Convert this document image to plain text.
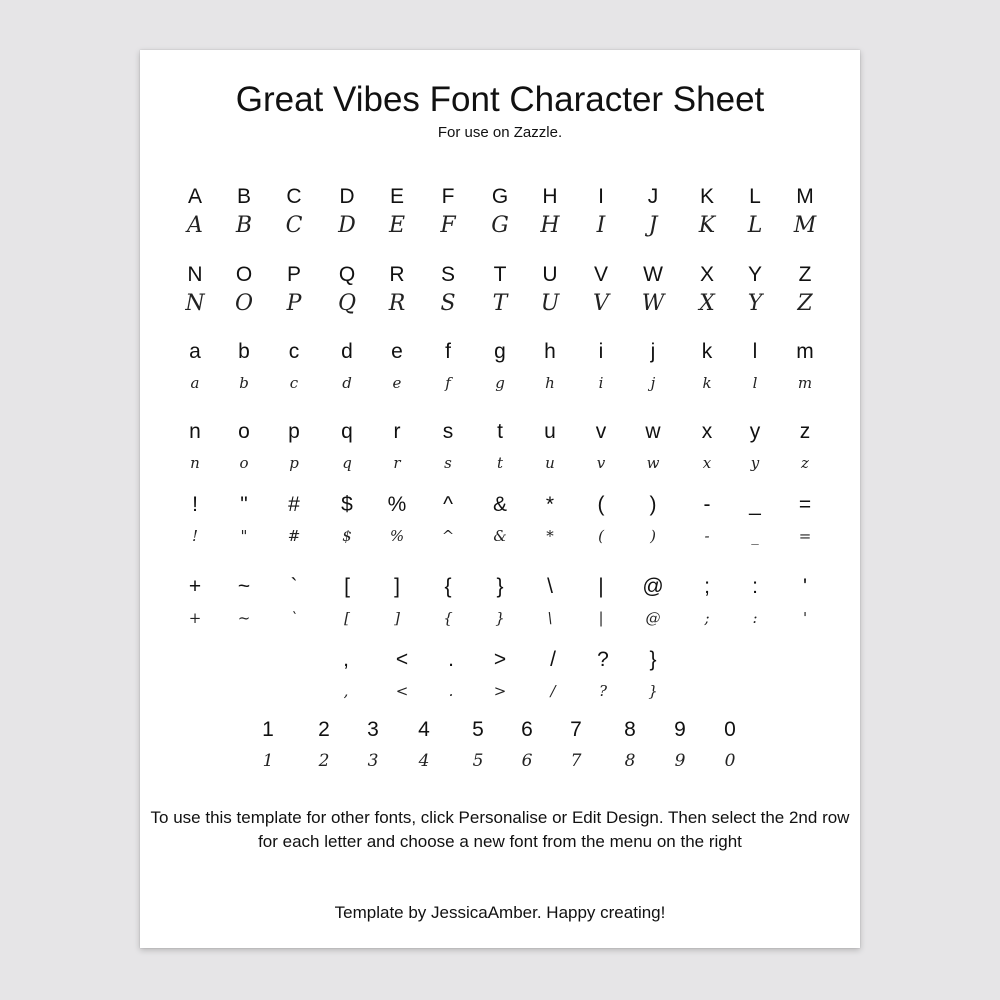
Great Vibes Font Character Sheet
For use on Zazzle.
A
A
B
B
C
C
D
D
E
E
F
F
G
G
H
H
I
I
J
J
K
K
L
L
M
M
N
N
O
O
P
P
Q
Q
R
R
S
S
T
T
U
U
V
V
W
W
X
X
Y
Y
Z
Z
a
a
b
b
c
c
d
d
e
e
f
f
g
g
h
h
i
i
j
j
k
k
l
l
m
m
n
n
o
o
p
p
q
q
r
r
s
s
t
t
u
u
v
v
w
w
x
x
y
y
z
z
!
!
"
"
#
#
$
$
%
%
^
^
&
&
*
*
(
(
)
)
-
-
_
_
=
=
+
+
~
~
`
`
[
[
]
]
{
{
}
}
\
\
|
|
@
@
;
;
:
:
'
'
,
,
<
<
.
.
>
>
/
/
?
?
}
}
1
1
2
2
3
3
4
4
5
5
6
6
7
7
8
8
9
9
0
0
To use this template for other fonts, click Personalise or Edit Design. Then select the 2nd row for each letter and choose a new font from the menu on the right
Template by JessicaAmber. Happy creating!
